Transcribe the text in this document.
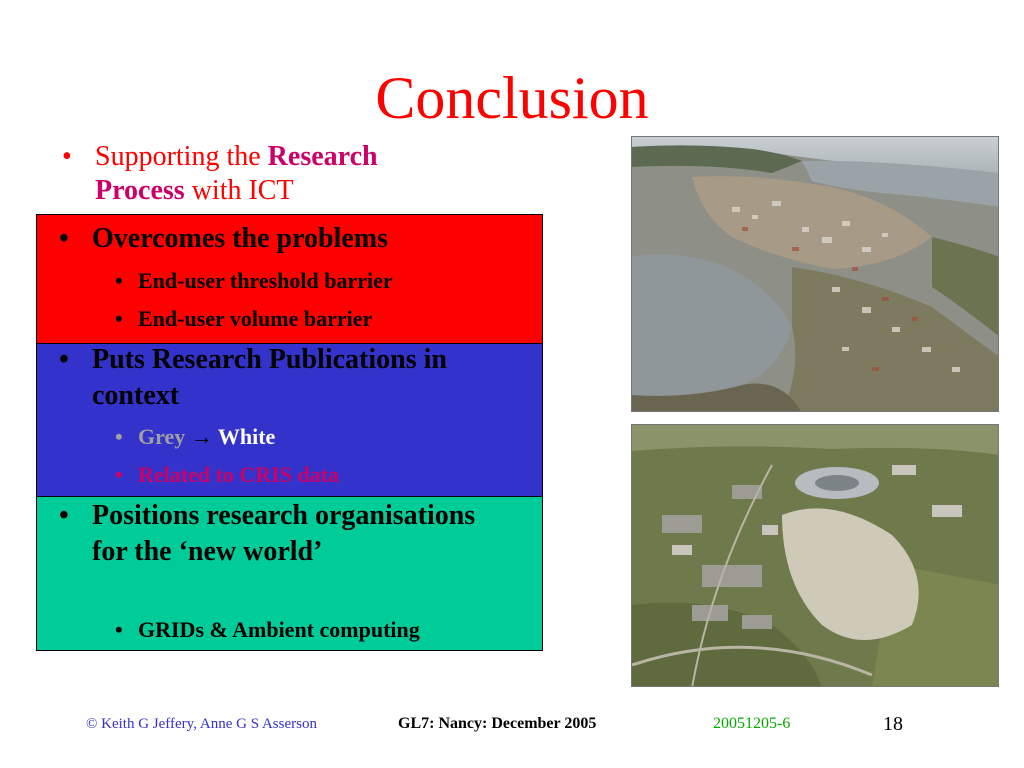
Conclusion
• Supporting the Research
Process with ICT
• Overcomes the problems
• End-user threshold barrier
• End-user volume barrier
• Puts Research Publications in context
• Grey → White
• Related to CRIS data
• Positions research organisations for the ‘new world’
• GRIDs & Ambient computing
© Keith G Jeffery, Anne G S Asserson	GL7: Nancy: December 2005	20051205-6	18
